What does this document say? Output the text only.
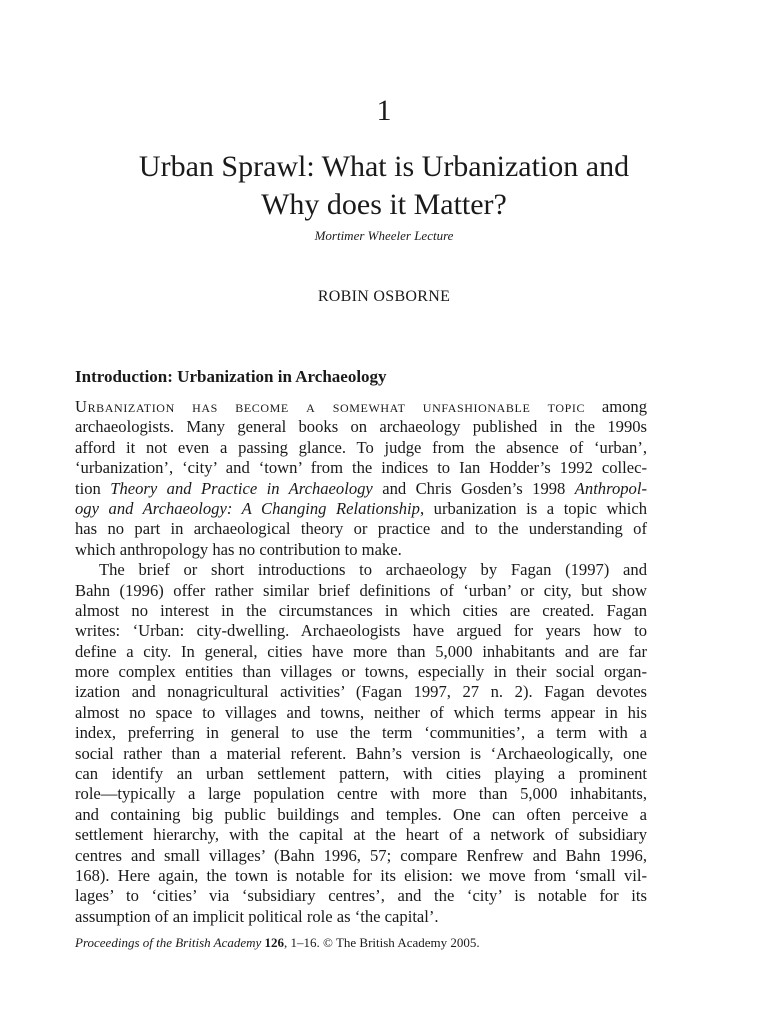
1
Urban Sprawl: What is Urbanization and
Why does it Matter?
Mortimer Wheeler Lecture
ROBIN OSBORNE
Introduction: Urbanization in Archaeology
Urbanization has become a somewhat unfashionable topic among
archaeologists. Many general books on archaeology published in the 1990s
afford it not even a passing glance. To judge from the absence of ‘urban’,
‘urbanization’, ‘city’ and ‘town’ from the indices to Ian Hodder’s 1992 collec-
tion Theory and Practice in Archaeology and Chris Gosden’s 1998 Anthropol-
ogy and Archaeology: A Changing Relationship, urbanization is a topic which
has no part in archaeological theory or practice and to the understanding of
which anthropology has no contribution to make.
The brief or short introductions to archaeology by Fagan (1997) and
Bahn (1996) offer rather similar brief definitions of ‘urban’ or city, but show
almost no interest in the circumstances in which cities are created. Fagan
writes: ‘Urban: city-dwelling. Archaeologists have argued for years how to
define a city. In general, cities have more than 5,000 inhabitants and are far
more complex entities than villages or towns, especially in their social organ-
ization and nonagricultural activities’ (Fagan 1997, 27 n. 2). Fagan devotes
almost no space to villages and towns, neither of which terms appear in his
index, preferring in general to use the term ‘communities’, a term with a
social rather than a material referent. Bahn’s version is ‘Archaeologically, one
can identify an urban settlement pattern, with cities playing a prominent
role—typically a large population centre with more than 5,000 inhabitants,
and containing big public buildings and temples. One can often perceive a
settlement hierarchy, with the capital at the heart of a network of subsidiary
centres and small villages’ (Bahn 1996, 57; compare Renfrew and Bahn 1996,
168). Here again, the town is notable for its elision: we move from ‘small vil-
lages’ to ‘cities’ via ‘subsidiary centres’, and the ‘city’ is notable for its
assumption of an implicit political role as ‘the capital’.
Proceedings of the British Academy 126, 1–16. © The British Academy 2005.
